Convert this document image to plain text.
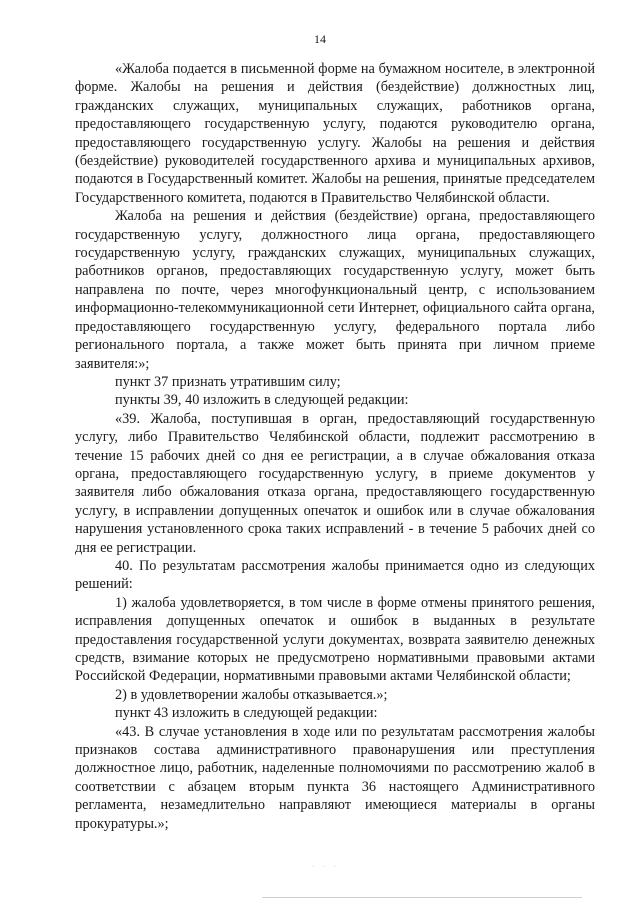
14

«Жалоба подается в письменной форме на бумажном носителе, в электронной форме. Жалобы на решения и действия (бездействие) должностных лиц, гражданских служащих, муниципальных служащих, работников органа, предоставляющего государственную услугу, подаются руководителю органа, предоставляющего государственную услугу. Жалобы на решения и действия (бездействие) руководителей государственного архива и муниципальных архивов, подаются в Государственный комитет. Жалобы на решения, принятые председателем Государственного комитета, подаются в Правительство Челябинской области.

Жалоба на решения и действия (бездействие) органа, предоставляющего государственную услугу, должностного лица органа, предоставляющего государственную услугу, гражданских служащих, муниципальных служащих, работников органов, предоставляющих государственную услугу, может быть направлена по почте, через многофункциональный центр, с использованием информационно-телекоммуникационной сети Интернет, официального сайта органа, предоставляющего государственную услугу, федерального портала либо регионального портала, а также может быть принята при личном приеме заявителя:»;

пункт 37 признать утратившим силу;

пункты 39, 40 изложить в следующей редакции:

«39. Жалоба, поступившая в орган, предоставляющий государственную услугу, либо Правительство Челябинской области, подлежит рассмотрению в течение 15 рабочих дней со дня ее регистрации, а в случае обжалования отказа органа, предоставляющего государственную услугу, в приеме документов у заявителя либо обжалования отказа органа, предоставляющего государственную услугу, в исправлении допущенных опечаток и ошибок или в случае обжалования нарушения установленного срока таких исправлений - в течение 5 рабочих дней со дня ее регистрации.

40. По результатам рассмотрения жалобы принимается одно из следующих решений:

1) жалоба удовлетворяется, в том числе в форме отмены принятого решения, исправления допущенных опечаток и ошибок в выданных в результате предоставления государственной услуги документах, возврата заявителю денежных средств, взимание которых не предусмотрено нормативными правовыми актами Российской Федерации, нормативными правовыми актами Челябинской области;

2) в удовлетворении жалобы отказывается.»;

пункт 43 изложить в следующей редакции:

«43. В случае установления в ходе или по результатам рассмотрения жалобы признаков состава административного правонарушения или преступления должностное лицо, работник, наделенные полномочиями по рассмотрению жалоб в соответствии с абзацем вторым пункта 36 настоящего Административного регламента, незамедлительно направляют имеющиеся материалы в органы прокуратуры.»;

· · ·
